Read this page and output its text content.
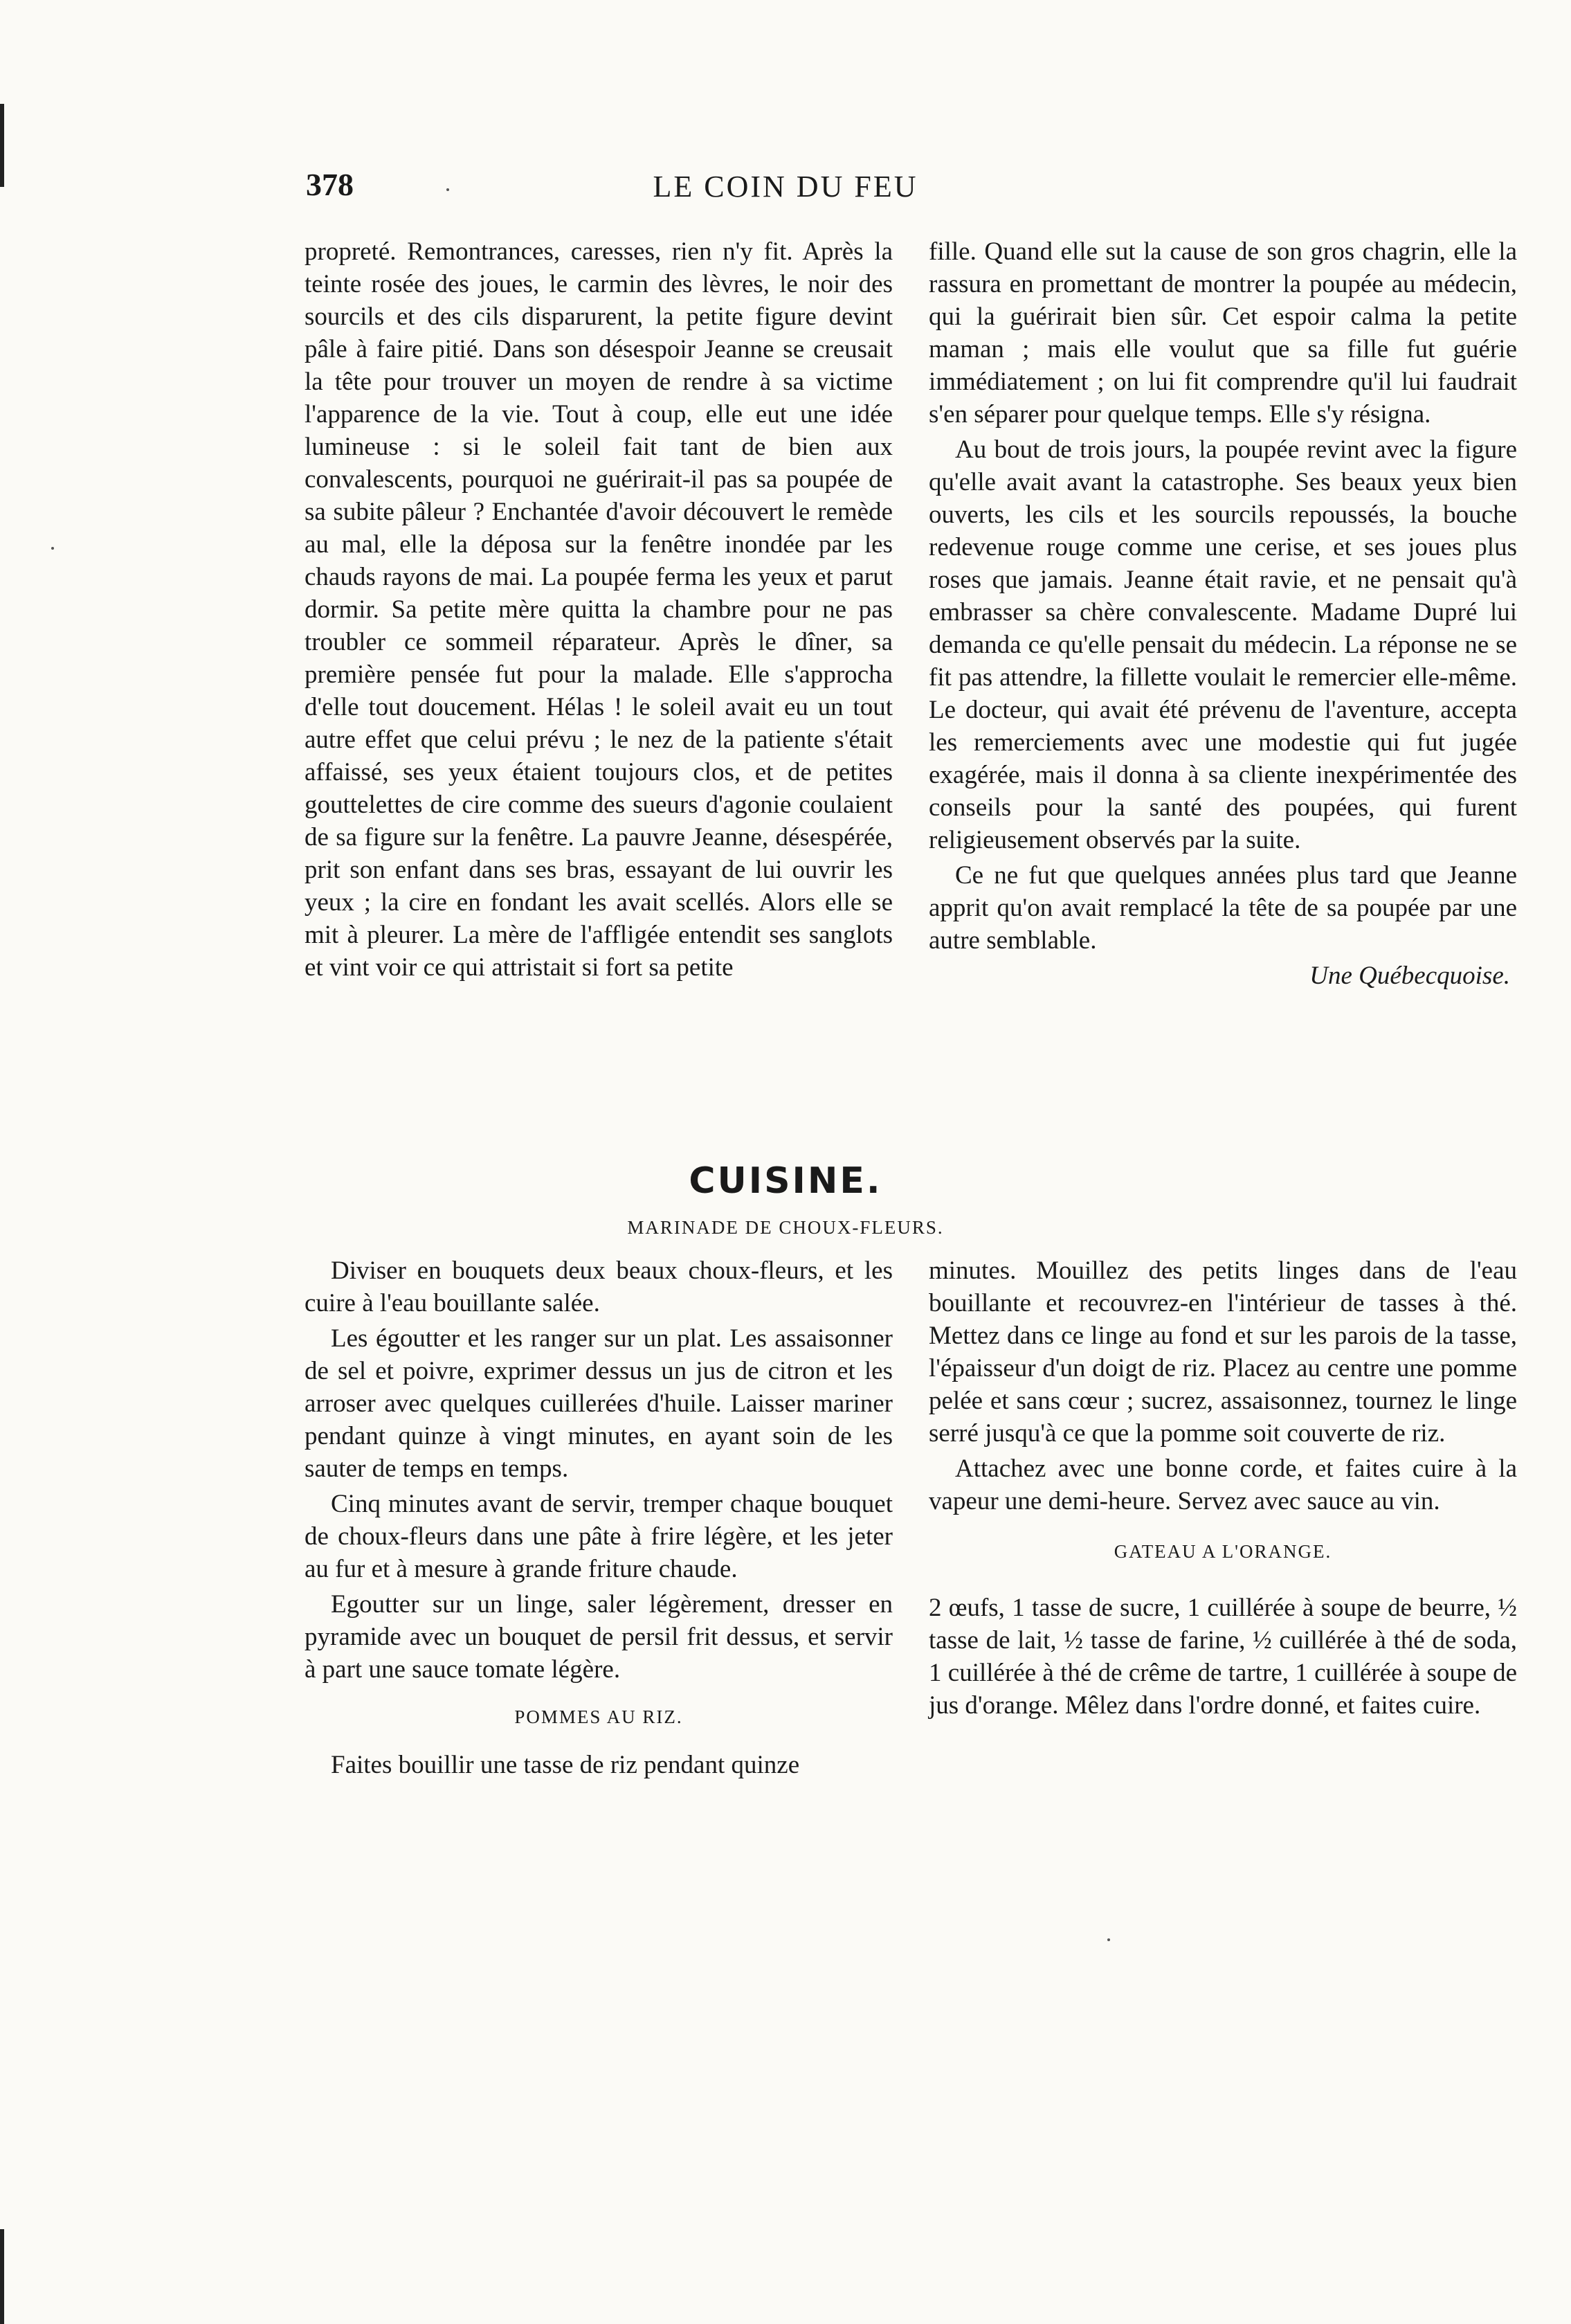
378	LE COIN DU FEU

propreté. Remontrances, caresses, rien n'y fit. Après la teinte rosée des joues, le carmin des lèvres, le noir des sourcils et des cils disparurent, la petite figure devint pâle à faire pitié. Dans son désespoir Jeanne se creusait la tête pour trouver un moyen de rendre à sa victime l'apparence de la vie. Tout à coup, elle eut une idée lumineuse : si le soleil fait tant de bien aux convalescents, pourquoi ne guérirait-il pas sa poupée de sa subite pâleur ? Enchantée d'avoir découvert le remède au mal, elle la déposa sur la fenêtre inondée par les chauds rayons de mai. La poupée ferma les yeux et parut dormir. Sa petite mère quitta la chambre pour ne pas troubler ce sommeil réparateur. Après le dîner, sa première pensée fut pour la malade. Elle s'approcha d'elle tout doucement. Hélas ! le soleil avait eu un tout autre effet que celui prévu ; le nez de la patiente s'était affaissé, ses yeux étaient toujours clos, et de petites gouttelettes de cire comme des sueurs d'agonie coulaient de sa figure sur la fenêtre. La pauvre Jeanne, désespérée, prit son enfant dans ses bras, essayant de lui ouvrir les yeux ; la cire en fondant les avait scellés. Alors elle se mit à pleurer. La mère de l'affligée entendit ses sanglots et vint voir ce qui attristait si fort sa petite

fille. Quand elle sut la cause de son gros chagrin, elle la rassura en promettant de montrer la poupée au médecin, qui la guérirait bien sûr. Cet espoir calma la petite maman ; mais elle voulut que sa fille fut guérie immédiatement ; on lui fit comprendre qu'il lui faudrait s'en séparer pour quelque temps. Elle s'y résigna.

Au bout de trois jours, la poupée revint avec la figure qu'elle avait avant la catastrophe. Ses beaux yeux bien ouverts, les cils et les sourcils repoussés, la bouche redevenue rouge comme une cerise, et ses joues plus roses que jamais. Jeanne était ravie, et ne pensait qu'à embrasser sa chère convalescente. Madame Dupré lui demanda ce qu'elle pensait du médecin. La réponse ne se fit pas attendre, la fillette voulait le remercier elle-même. Le docteur, qui avait été prévenu de l'aventure, accepta les remerciements avec une modestie qui fut jugée exagérée, mais il donna à sa cliente inexpérimentée des conseils pour la santé des poupées, qui furent religieusement observés par la suite.

Ce ne fut que quelques années plus tard que Jeanne apprit qu'on avait remplacé la tête de sa poupée par une autre semblable.

Une Québecquoise.
CUISINE.
MARINADE DE CHOUX-FLEURS.

Diviser en bouquets deux beaux choux-fleurs, et les cuire à l'eau bouillante salée.

Les égoutter et les ranger sur un plat. Les assaisonner de sel et poivre, exprimer dessus un jus de citron et les arroser avec quelques cuillerées d'huile. Laisser mariner pendant quinze à vingt minutes, en ayant soin de les sauter de temps en temps.

Cinq minutes avant de servir, tremper chaque bouquet de choux-fleurs dans une pâte à frire légère, et les jeter au fur et à mesure à grande friture chaude.

Egoutter sur un linge, saler légèrement, dresser en pyramide avec un bouquet de persil frit dessus, et servir à part une sauce tomate légère.

POMMES AU RIZ.

Faites bouillir une tasse de riz pendant quinze

minutes. Mouillez des petits linges dans de l'eau bouillante et recouvrez-en l'intérieur de tasses à thé. Mettez dans ce linge au fond et sur les parois de la tasse, l'épaisseur d'un doigt de riz. Placez au centre une pomme pelée et sans cœur ; sucrez, assaisonnez, tournez le linge serré jusqu'à ce que la pomme soit couverte de riz.

Attachez avec une bonne corde, et faites cuire à la vapeur une demi-heure. Servez avec sauce au vin.

GATEAU A L'ORANGE.

2 œufs, 1 tasse de sucre, 1 cuillérée à soupe de beurre, ½ tasse de lait, ½ tasse de farine, ½ cuillérée à thé de soda, 1 cuillérée à thé de crême de tartre, 1 cuillérée à soupe de jus d'orange. Mêlez dans l'ordre donné, et faites cuire.
